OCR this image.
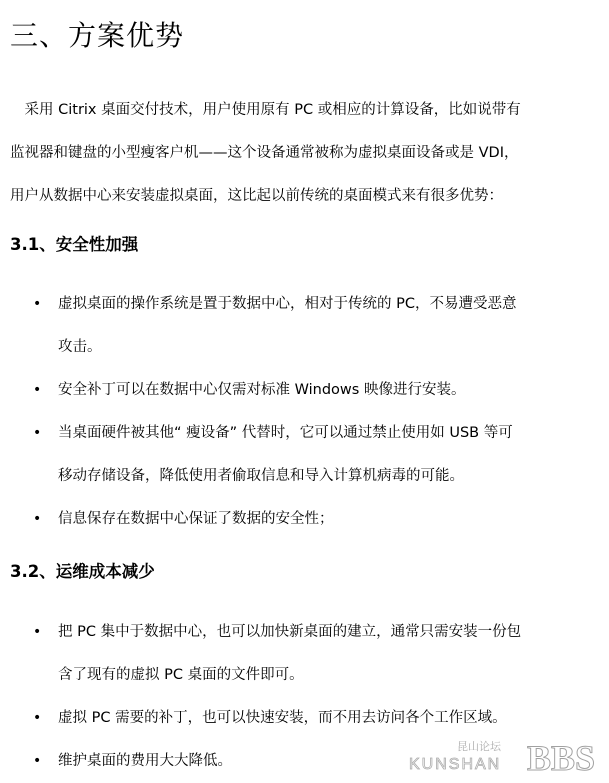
三、方案优势
　采用 Citrix 桌面交付技术，用户使用原有 PC 或相应的计算设备，比如说带有
监视器和键盘的小型瘦客户机——这个设备通常被称为虚拟桌面设备或是 VDI，
用户从数据中心来安装虚拟桌面，这比起以前传统的桌面模式来有很多优势：
3.1、安全性加强
• 虚拟桌面的操作系统是置于数据中心，相对于传统的 PC，不易遭受恶意
攻击。
• 安全补丁可以在数据中心仅需对标准 Windows 映像进行安装。
• 当桌面硬件被其他“ 瘦设备” 代替时，它可以通过禁止使用如 USB 等可
移动存储设备，降低使用者偷取信息和导入计算机病毒的可能。
• 信息保存在数据中心保证了数据的安全性；
3.2、运维成本减少
• 把 PC 集中于数据中心，也可以加快新桌面的建立，通常只需安装一份包
含了现有的虚拟 PC 桌面的文件即可。
• 虚拟 PC 需要的补丁，也可以快速安装，而不用去访问各个工作区域。
• 维护桌面的费用大大降低。
昆山论坛
KUNSHAN BBS
